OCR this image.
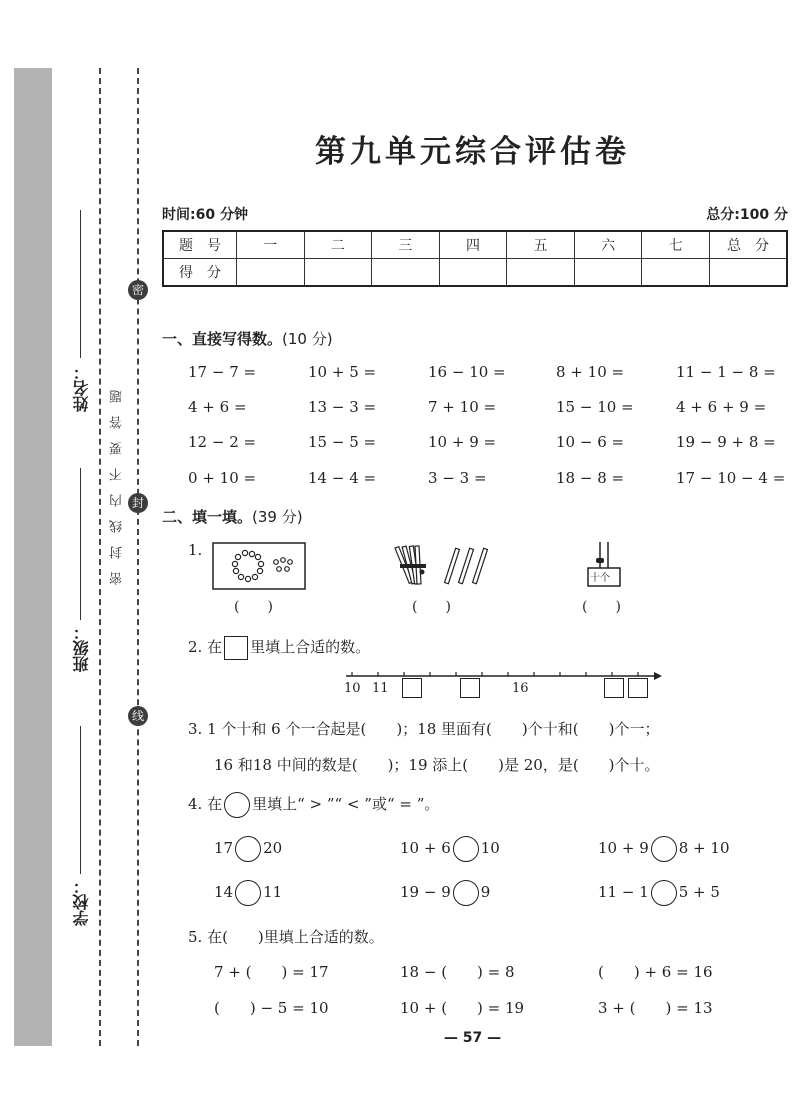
姓名：
班级：
学校：
密
封
线
密封线内不要答题
第九单元综合评估卷
时间:60 分钟	总分:100 分
题　号	一	二	三	四	五	六	七	总　分
得　分								
一、直接写得数。(10 分)
17 − 7 =	10 + 5 =	16 − 10 =	8 + 10 =	11 − 1 − 8 =
4 + 6 =	13 − 3 =	7 + 10 =	15 − 10 =	4 + 6 + 9 =
12 − 2 =	15 − 5 =	10 + 9 =	10 − 6 =	19 − 9 + 8 =
0 + 10 =	14 − 4 =	3 − 3 =	18 − 8 =	17 − 10 − 4 =
二、填一填。(39 分)
1.
(　　)	(　　)
十个
(　　)
2. 在 里填上合适的数。
10 11	16
3. 1 个十和 6 个一合起是(　　)；18 里面有(　　)个十和(　　)个一；
16 和18 中间的数是(　　)；19 添上(　　)是 20，是(　　)个十。
4. 在 里填上“ > ”“ < ”或“ = ”。
17 20	10 + 6 10	10 + 9 8 + 10
14 11	19 − 9 9	11 − 1 5 + 5
5. 在(　　)里填上合适的数。
7 + (　　) = 17	18 − (　　) = 8	(　　) + 6 = 16
(　　) − 5 = 10	10 + (　　) = 19	3 + (　　) = 13
— 57 —
